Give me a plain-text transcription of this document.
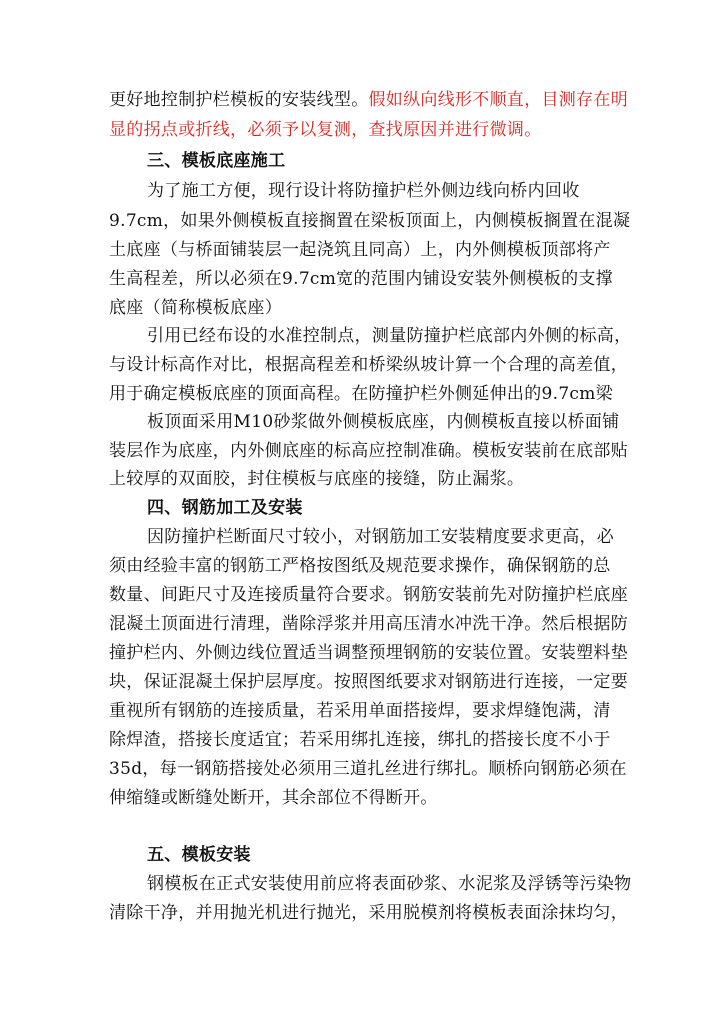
更好地控制护栏模板的安装线型。假如纵向线形不顺直，目测存在明
显的拐点或折线，必须予以复测，查找原因并进行微调。
三、模板底座施工
为了施工方便，现行设计将防撞护栏外侧边线向桥内回收
9.7cm，如果外侧模板直接搁置在梁板顶面上，内侧模板搁置在混凝
土底座（与桥面铺装层一起浇筑且同高）上，内外侧模板顶部将产
生高程差，所以必须在9.7cm宽的范围内铺设安装外侧模板的支撑
底座（简称模板底座）
引用已经布设的水准控制点，测量防撞护栏底部内外侧的标高，
与设计标高作对比，根据高程差和桥梁纵坡计算一个合理的高差值，
用于确定模板底座的顶面高程。在防撞护栏外侧延伸出的9.7cm梁
板顶面采用M10砂浆做外侧模板底座，内侧模板直接以桥面铺
装层作为底座，内外侧底座的标高应控制准确。模板安装前在底部贴
上较厚的双面胶，封住模板与底座的接缝，防止漏浆。
四、钢筋加工及安装
因防撞护栏断面尺寸较小，对钢筋加工安装精度要求更高，必
须由经验丰富的钢筋工严格按图纸及规范要求操作，确保钢筋的总
数量、间距尺寸及连接质量符合要求。钢筋安装前先对防撞护栏底座
混凝土顶面进行清理，凿除浮浆并用高压清水冲洗干净。然后根据防
撞护栏内、外侧边线位置适当调整预埋钢筋的安装位置。安装塑料垫
块，保证混凝土保护层厚度。按照图纸要求对钢筋进行连接，一定要
重视所有钢筋的连接质量，若采用单面搭接焊，要求焊缝饱满，清
除焊渣，搭接长度适宜；若采用绑扎连接，绑扎的搭接长度不小于
35d，每一钢筋搭接处必须用三道扎丝进行绑扎。顺桥向钢筋必须在
伸缩缝或断缝处断开，其余部位不得断开。
五、模板安装
钢模板在正式安装使用前应将表面砂浆、水泥浆及浮锈等污染物
清除干净，并用抛光机进行抛光，采用脱模剂将模板表面涂抹均匀，
